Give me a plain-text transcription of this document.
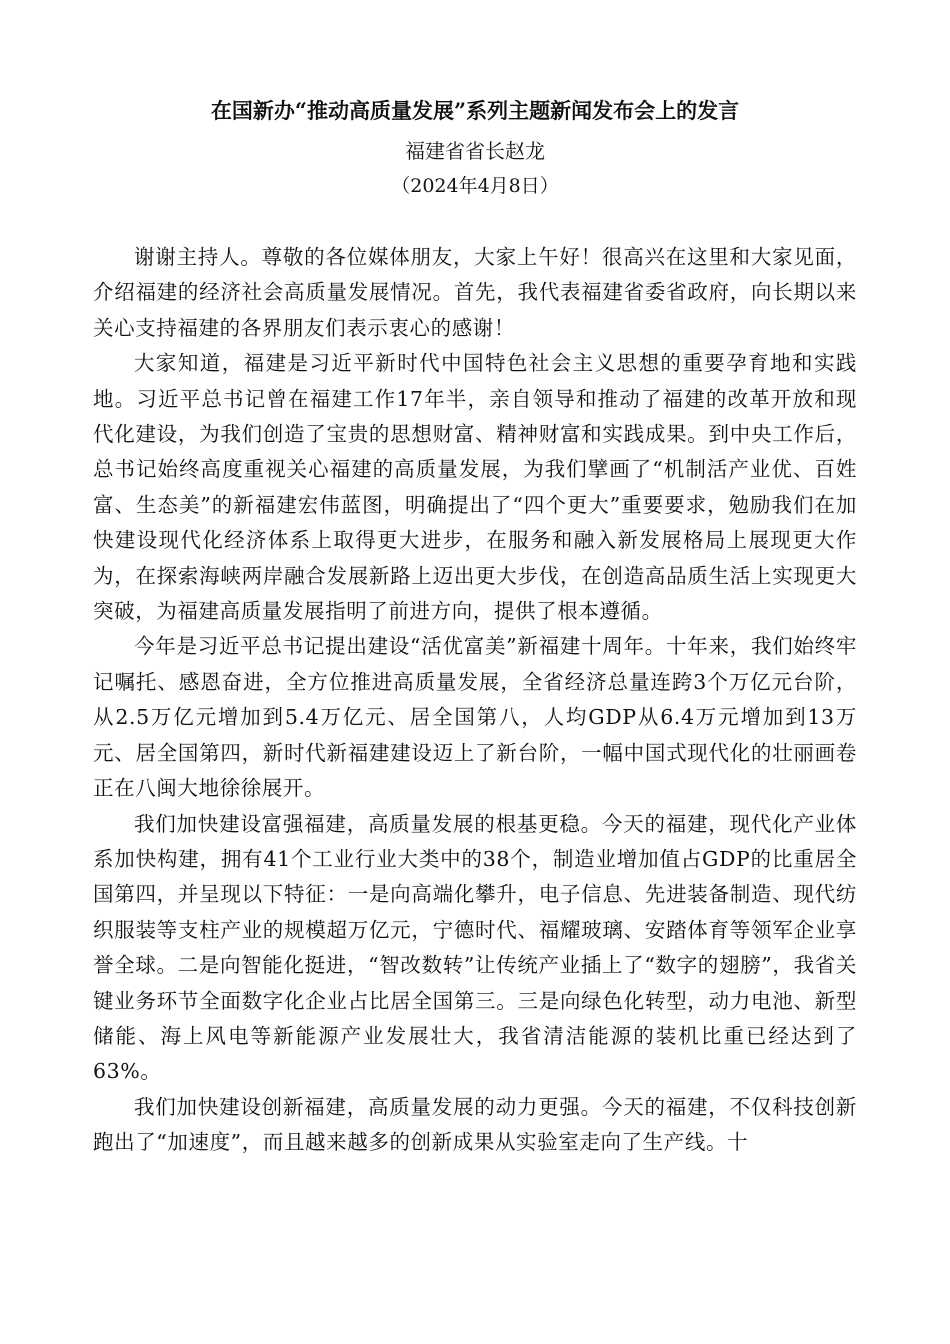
在国新办“推动高质量发展”系列主题新闻发布会上的发言
福建省省长赵龙
（2024年4月8日）

谢谢主持人。尊敬的各位媒体朋友，大家上午好！很高兴在这里和大家见面，介绍福建的经济社会高质量发展情况。首先，我代表福建省委省政府，向长期以来关心支持福建的各界朋友们表示衷心的感谢！

大家知道，福建是习近平新时代中国特色社会主义思想的重要孕育地和实践地。习近平总书记曾在福建工作17年半，亲自领导和推动了福建的改革开放和现代化建设，为我们创造了宝贵的思想财富、精神财富和实践成果。到中央工作后，总书记始终高度重视关心福建的高质量发展，为我们擘画了“机制活产业优、百姓富、生态美”的新福建宏伟蓝图，明确提出了“四个更大”重要要求，勉励我们在加快建设现代化经济体系上取得更大进步，在服务和融入新发展格局上展现更大作为，在探索海峡两岸融合发展新路上迈出更大步伐，在创造高品质生活上实现更大突破，为福建高质量发展指明了前进方向，提供了根本遵循。

今年是习近平总书记提出建设“活优富美”新福建十周年。十年来，我们始终牢记嘱托、感恩奋进，全方位推进高质量发展，全省经济总量连跨3个万亿元台阶，从2.5万亿元增加到5.4万亿元、居全国第八，人均GDP从6.4万元增加到13万元、居全国第四，新时代新福建建设迈上了新台阶，一幅中国式现代化的壮丽画卷正在八闽大地徐徐展开。

我们加快建设富强福建，高质量发展的根基更稳。今天的福建，现代化产业体系加快构建，拥有41个工业行业大类中的38个，制造业增加值占GDP的比重居全国第四，并呈现以下特征：一是向高端化攀升，电子信息、先进装备制造、现代纺织服装等支柱产业的规模超万亿元，宁德时代、福耀玻璃、安踏体育等领军企业享誉全球。二是向智能化挺进，“智改数转”让传统产业插上了“数字的翅膀”，我省关键业务环节全面数字化企业占比居全国第三。三是向绿色化转型，动力电池、新型储能、海上风电等新能源产业发展壮大，我省清洁能源的装机比重已经达到了63%。

我们加快建设创新福建，高质量发展的动力更强。今天的福建，不仅科技创新跑出了“加速度”，而且越来越多的创新成果从实验室走向了生产线。十
